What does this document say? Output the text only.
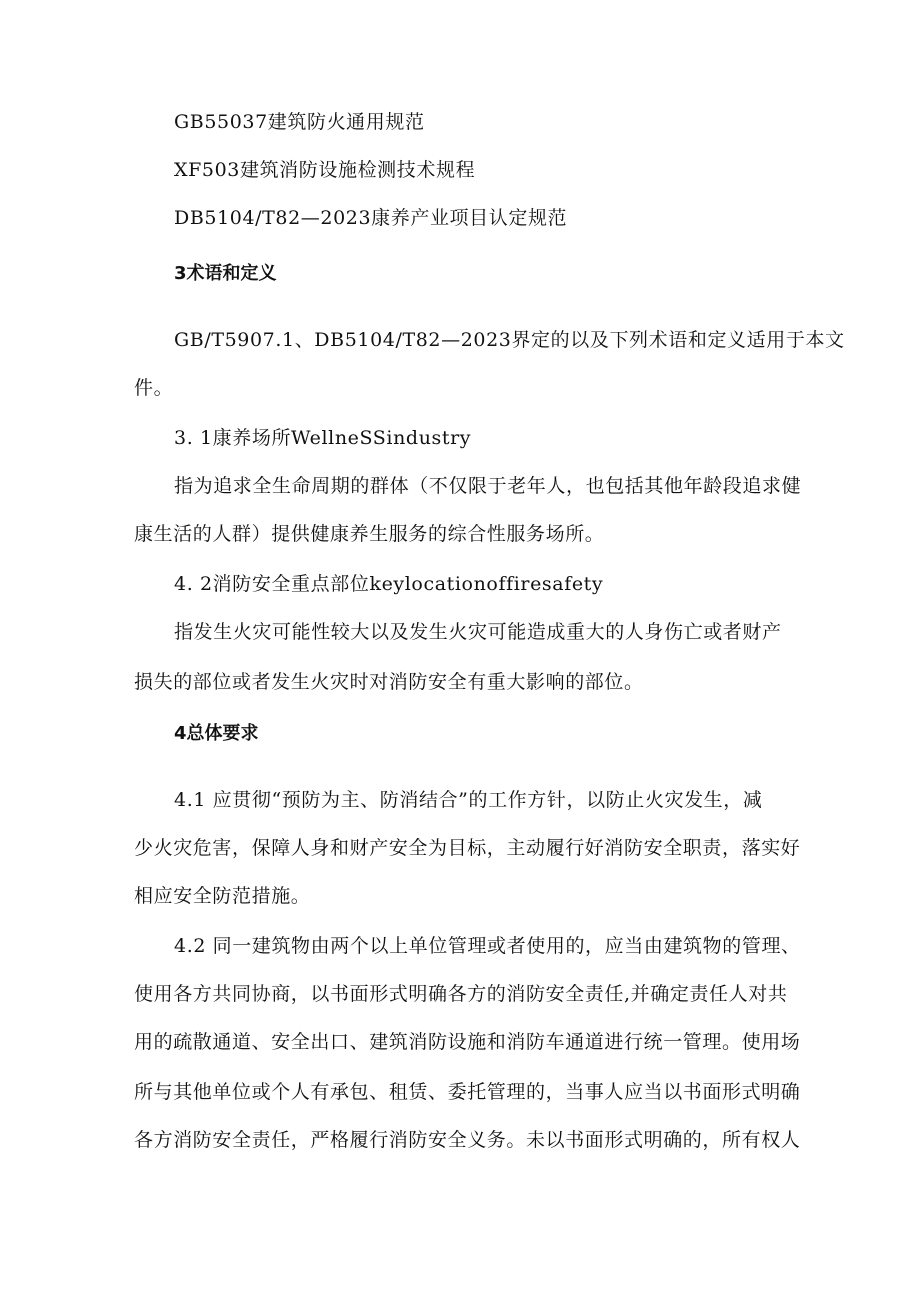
GB55037建筑防火通用规范
XF503建筑消防设施检测技术规程
DB5104/T82—2023康养产业项目认定规范
3术语和定义
GB/T5907.1、DB5104/T82—2023界定的以及下列术语和定义适用于本文
件。
3. 1康养场所WellneSSindustry
指为追求全生命周期的群体（不仅限于老年人，也包括其他年龄段追求健
康生活的人群）提供健康养生服务的综合性服务场所。
4. 2消防安全重点部位keylocationoffiresafety
指发生火灾可能性较大以及发生火灾可能造成重大的人身伤亡或者财产
损失的部位或者发生火灾时对消防安全有重大影响的部位。
4总体要求
4.1 应贯彻“预防为主、防消结合”的工作方针，以防止火灾发生，减
少火灾危害，保障人身和财产安全为目标，主动履行好消防安全职责，落实好
相应安全防范措施。
4.2 同一建筑物由两个以上单位管理或者使用的，应当由建筑物的管理、
使用各方共同协商，以书面形式明确各方的消防安全责任,并确定责任人对共
用的疏散通道、安全出口、建筑消防设施和消防车通道进行统一管理。使用场
所与其他单位或个人有承包、租赁、委托管理的，当事人应当以书面形式明确
各方消防安全责任，严格履行消防安全义务。未以书面形式明确的，所有权人
